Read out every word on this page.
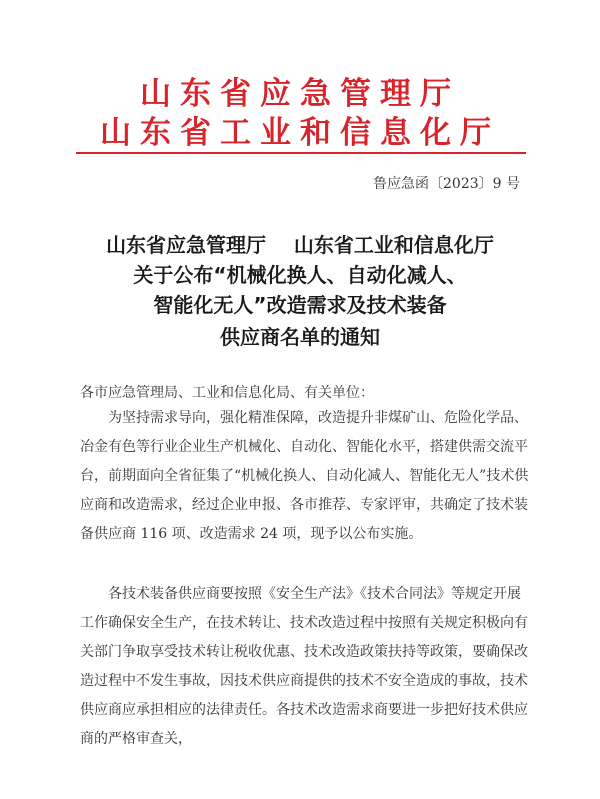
山东省应急管理厅
山东省工业和信息化厅
鲁应急函〔2023〕9 号
山东省应急管理厅    山东省工业和信息化厅
关于公布“机械化换人、自动化减人、
智能化无人”改造需求及技术装备
供应商名单的通知
各市应急管理局、工业和信息化局、有关单位：
为坚持需求导向，强化精准保障，改造提升非煤矿山、危险化学品、冶金有色等行业企业生产机械化、自动化、智能化水平，搭建供需交流平台，前期面向全省征集了“机械化换人、自动化减人、智能化无人”技术供应商和改造需求，经过企业申报、各市推荐、专家评审，共确定了技术装备供应商 116 项、改造需求 24 项，现予以公布实施。
各技术装备供应商要按照《安全生产法》《技术合同法》等规定开展工作确保安全生产，在技术转让、技术改造过程中按照有关规定积极向有关部门争取享受技术转让税收优惠、技术改造政策扶持等政策，要确保改造过程中不发生事故，因技术供应商提供的技术不安全造成的事故，技术供应商应承担相应的法律责任。各技术改造需求商要进一步把好技术供应商的严格审查关，
